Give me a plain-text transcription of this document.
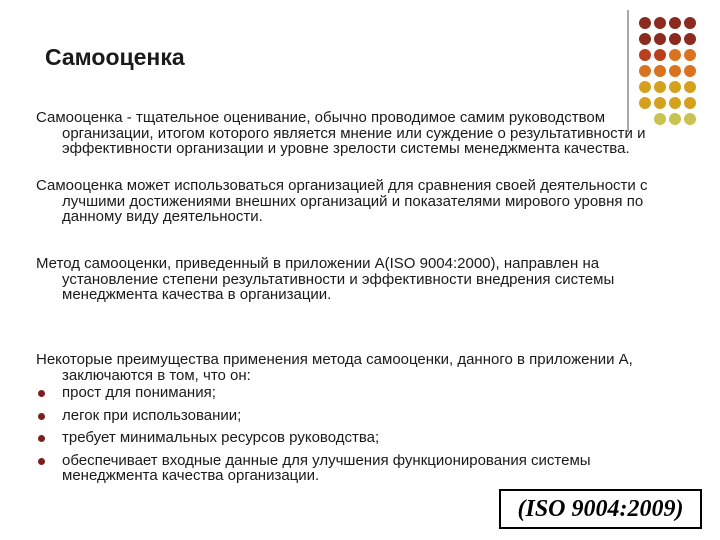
Самооценка

Самооценка - тщательное оценивание, обычно проводимое самим руководством организации, итогом которого является мнение или суждение о результативности и эффективности организации и уровне зрелости системы менеджмента качества.

Самооценка может использоваться организацией для сравнения своей деятельности с лучшими достижениями внешних организаций и показателями мирового уровня по данному виду деятельности.

Метод самооценки, приведенный в приложении A(ISO 9004:2000), направлен на установление степени результативности и эффективности внедрения системы менеджмента качества в организации.

Некоторые преимущества применения метода самооценки, данного в приложении А, заключаются в том, что он:

прост для понимания;
легок при использовании;
требует минимальных ресурсов руководства;
обеспечивает входные данные для улучшения функционирования системы менеджмента качества организации.
(ISO 9004:2009)
